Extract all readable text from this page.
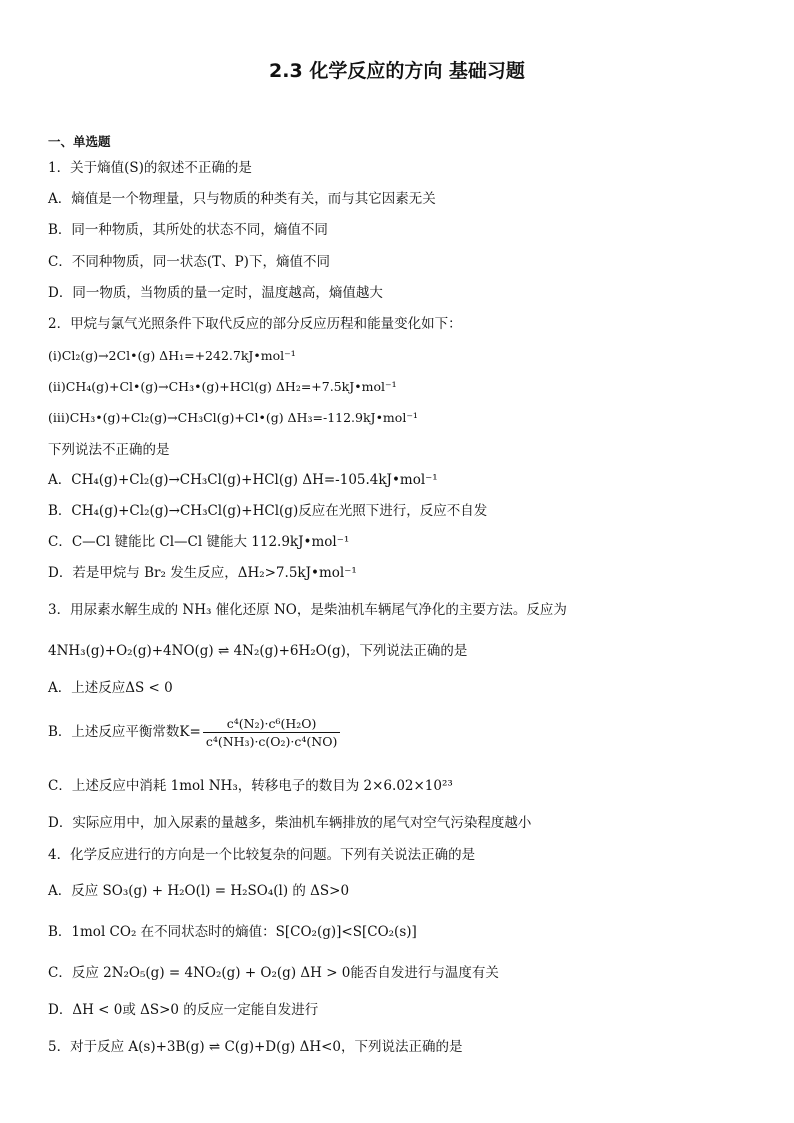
2.3 化学反应的方向 基础习题
一、单选题
1．关于熵值(S)的叙述不正确的是
A．熵值是一个物理量，只与物质的种类有关，而与其它因素无关
B．同一种物质，其所处的状态不同，熵值不同
C．不同种物质，同一状态(T、P)下，熵值不同
D．同一物质，当物质的量一定时，温度越高，熵值越大
2．甲烷与氯气光照条件下取代反应的部分反应历程和能量变化如下：
(i)Cl₂(g)→2Cl•(g) ΔH₁=+242.7kJ•mol⁻¹
(ii)CH₄(g)+Cl•(g)→CH₃•(g)+HCl(g) ΔH₂=+7.5kJ•mol⁻¹
(iii)CH₃•(g)+Cl₂(g)→CH₃Cl(g)+Cl•(g) ΔH₃=-112.9kJ•mol⁻¹
下列说法不正确的是
A．CH₄(g)+Cl₂(g)→CH₃Cl(g)+HCl(g) ΔH=-105.4kJ•mol⁻¹
B．CH₄(g)+Cl₂(g)→CH₃Cl(g)+HCl(g)反应在光照下进行，反应不自发
C．C—Cl 键能比 Cl—Cl 键能大 112.9kJ•mol⁻¹
D．若是甲烷与 Br₂ 发生反应，ΔH₂>7.5kJ•mol⁻¹
3．用尿素水解生成的 NH₃ 催化还原 NO，是柴油机车辆尾气净化的主要方法。反应为
4NH₃(g)+O₂(g)+4NO(g) ⇌ 4N₂(g)+6H₂O(g)，下列说法正确的是
A．上述反应ΔS < 0
B．上述反应平衡常数$K= \frac{\text{c⁴(N₂)·c⁶(H₂O)}}{\text{c⁴(NH₃)·c(O₂)·c⁴(NO)}}$
C．上述反应中消耗 1mol NH₃，转移电子的数目为 2×6.02×10²³
D．实际应用中，加入尿素的量越多，柴油机车辆排放的尾气对空气污染程度越小
4．化学反应进行的方向是一个比较复杂的问题。下列有关说法正确的是
A．反应 SO₃(g) + H₂O(l) = H₂SO₄(l) 的 ΔS>0
B．1mol CO₂ 在不同状态时的熵值：S[CO₂(g)]<S[CO₂(s)]
C．反应 2N₂O₅(g) = 4NO₂(g) + O₂(g) ΔH > 0能否自发进行与温度有关
D．ΔH < 0或 ΔS>0 的反应一定能自发进行
5．对于反应 A(s)+3B(g) ⇌ C(g)+D(g) ΔH<0，下列说法正确的是
